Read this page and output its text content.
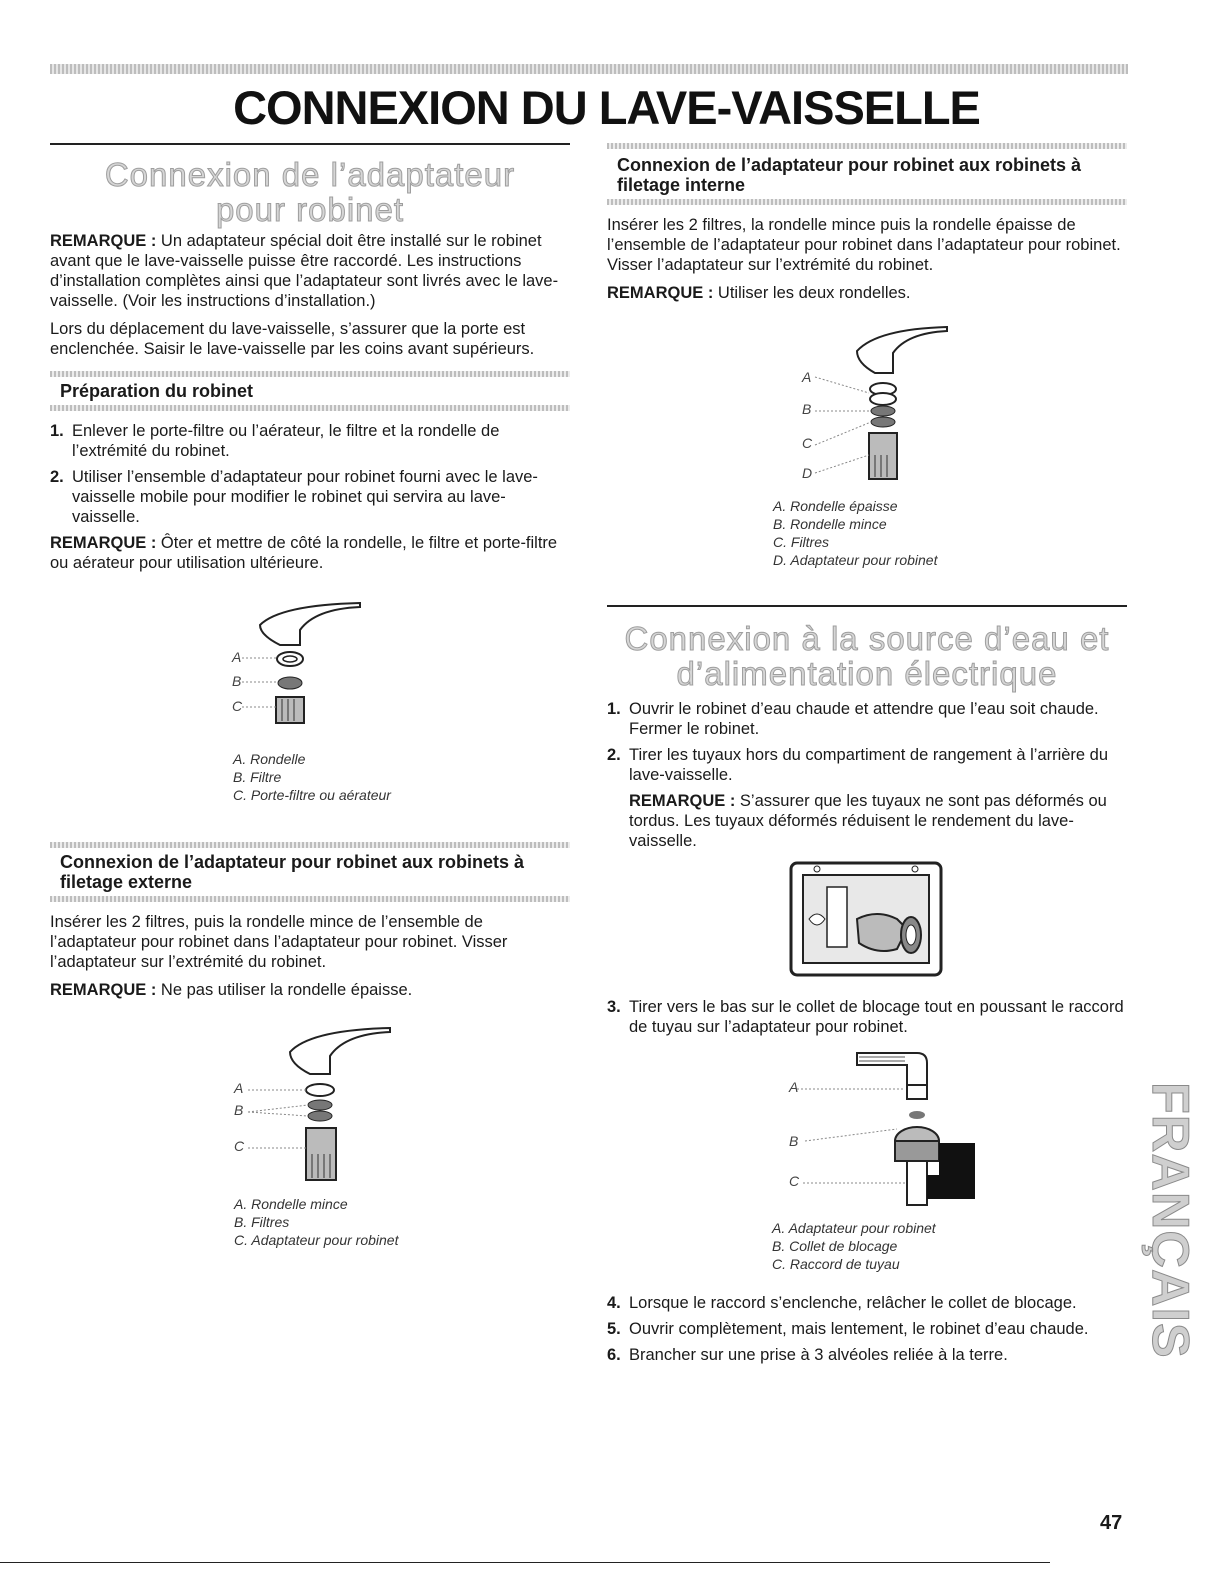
CONNEXION DU LAVE-VAISSELLE
Connexion de l’adaptateur
pour robinet

REMARQUE : Un adaptateur spécial doit être installé sur le robinet avant que le lave-vaisselle puisse être raccordé. Les instructions d’installation complètes ainsi que l’adaptateur sont livrés avec le lave-vaisselle. (Voir les instructions d’installation.)

Lors du déplacement du lave-vaisselle, s’assurer que la porte est enclenchée. Saisir le lave-vaisselle par les coins avant supérieurs.

Préparation du robinet
1. Enlever le porte-filtre ou l’aérateur, le filtre et la rondelle de l’extrémité du robinet.
2. Utiliser l’ensemble d’adaptateur pour robinet fourni avec le lave-vaisselle mobile pour modifier le robinet qui servira au lave-vaisselle.

REMARQUE : Ôter et mettre de côté la rondelle, le filtre et porte-filtre ou aérateur pour utilisation ultérieure.

A
B
C
A. Rondelle
B. Filtre
C. Porte-filtre ou aérateur
Connexion de l’adaptateur pour robinet aux robinets à filetage externe

Insérer les 2 filtres, puis la rondelle mince de l’ensemble de l’adaptateur pour robinet dans l’adaptateur pour robinet. Visser l’adaptateur sur l’extrémité du robinet.

REMARQUE : Ne pas utiliser la rondelle épaisse.

A
B
C
A. Rondelle mince
B. Filtres
C. Adaptateur pour robinet
Connexion de l’adaptateur pour robinet aux robinets à filetage interne

Insérer les 2 filtres, la rondelle mince puis la rondelle épaisse de l’ensemble de l’adaptateur pour robinet dans l’adaptateur pour robinet. Visser l’adaptateur sur l’extrémité du robinet.

REMARQUE : Utiliser les deux rondelles.

A
B
C
D
A. Rondelle épaisse
B. Rondelle mince
C. Filtres
D. Adaptateur pour robinet
Connexion à la source d’eau et
d’alimentation électrique
1. Ouvrir le robinet d’eau chaude et attendre que l’eau soit chaude. Fermer le robinet.
2. Tirer les tuyaux hors du compartiment de rangement à l’arrière du lave-vaisselle.

REMARQUE : S’assurer que les tuyaux ne sont pas déformés ou tordus. Les tuyaux déformés réduisent le rendement du lave-vaisselle.

3. Tirer vers le bas sur le collet de blocage tout en poussant le raccord de tuyau sur l’adaptateur pour robinet.
A
B
C
A. Adaptateur pour robinet
B. Collet de blocage
C. Raccord de tuyau
4. Lorsque le raccord s’enclenche, relâcher le collet de blocage.
5. Ouvrir complètement, mais lentement, le robinet d’eau chaude.
6. Brancher sur une prise à 3 alvéoles reliée à la terre.	FRANÇAIS
47
